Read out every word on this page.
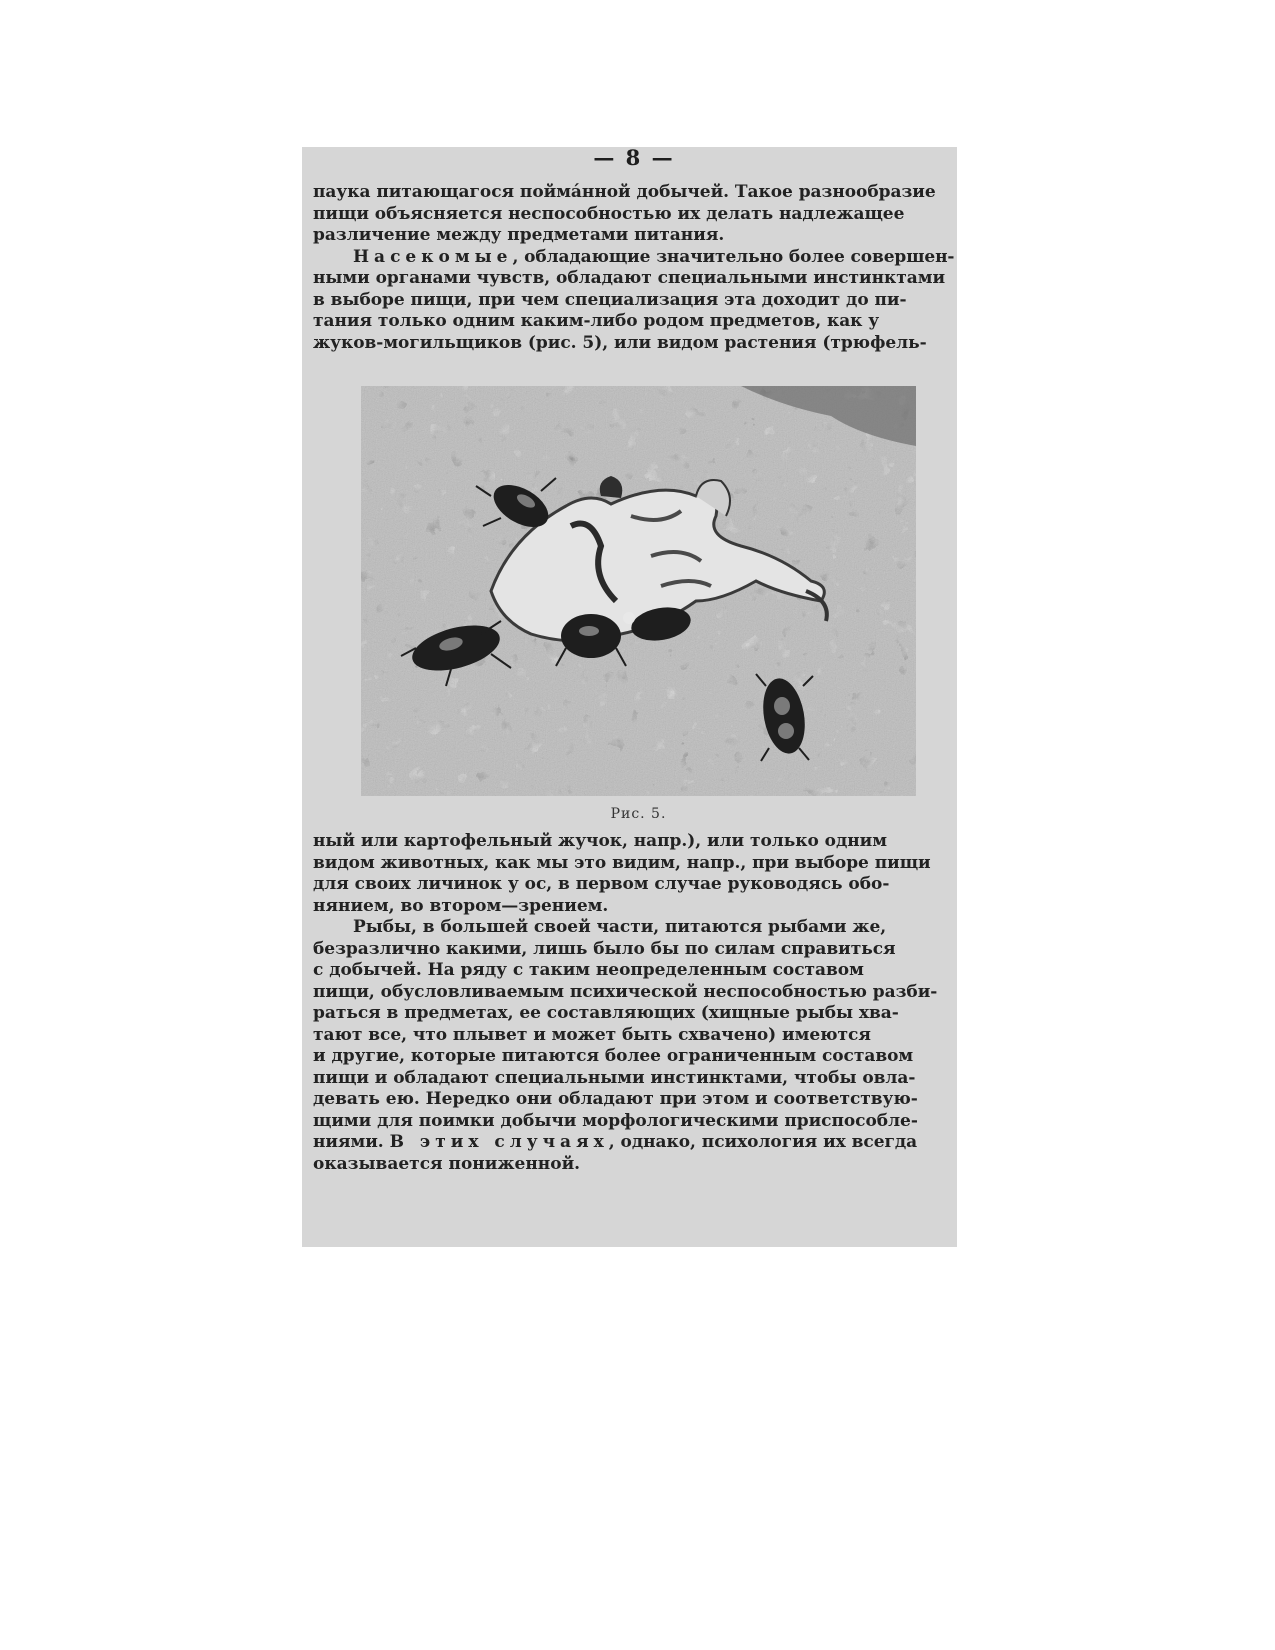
— 8 —
паука питающагося поймáнной добычей. Такое разнообразие
пищи объясняется неспособностью их делать надлежащее
различение между предметами питания.
Насекомые, обладающие значительно более совершен-
ными органами чувств, обладают специальными инстинктами
в выборе пищи, при чем специализация эта доходит до пи-
тания только одним каким-либо родом предметов, как у
жуков-могильщиков (рис. 5), или видом растения (трюфель-
Рис. 5.
ный или картофельный жучок, напр.), или только одним
видом животных, как мы это видим, напр., при выборе пищи
для своих личинок у ос, в первом случае руководясь обо-
нянием, во втором—зрением.
Рыбы, в большей своей части, питаются рыбами же,
безразлично какими, лишь было бы по силам справиться
с добычей. На ряду с таким неопределенным составом
пищи, обусловливаемым психической неспособностью разби-
раться в предметах, ее составляющих (хищные рыбы хва-
тают все, что плывет и может быть схвачено) имеются
и другие, которые питаются более ограниченным составом
пищи и обладают специальными инстинктами, чтобы овла-
девать ею. Нередко они обладают при этом и соответствую-
щими для поимки добычи морфологическими приспособле-
ниями. В этих случаях, однако, психология их всегда
оказывается пониженной.
